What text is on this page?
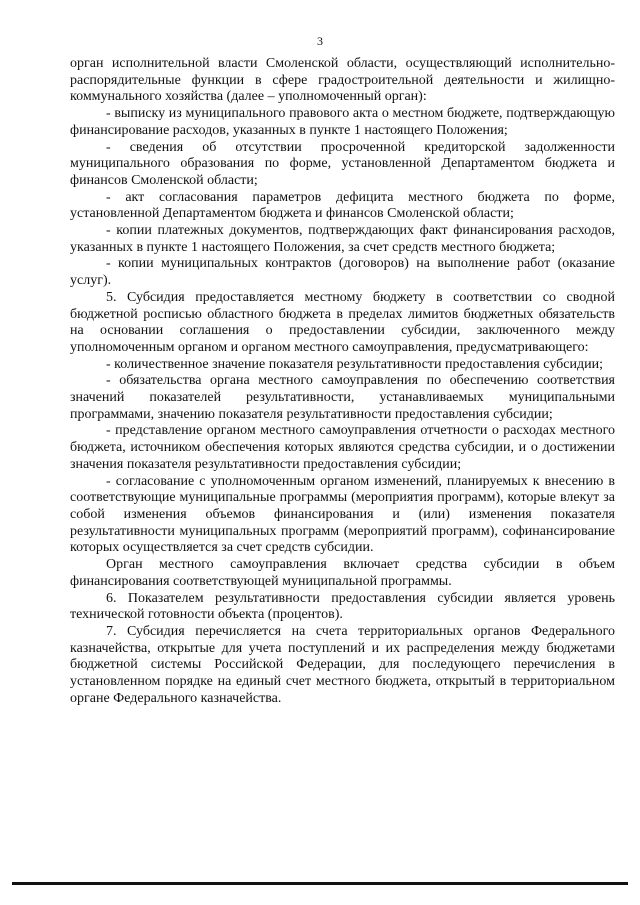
3

орган исполнительной власти Смоленской области, осуществляющий исполнительно-распорядительные функции в сфере градостроительной деятельности и жилищно-коммунального хозяйства (далее – уполномоченный орган):

- выписку из муниципального правового акта о местном бюджете, подтверждающую финансирование расходов, указанных в пункте 1 настоящего Положения;

- сведения об отсутствии просроченной кредиторской задолженности муниципального образования по форме, установленной Департаментом бюджета и финансов Смоленской области;

- акт согласования параметров дефицита местного бюджета по форме, установленной Департаментом бюджета и финансов Смоленской области;

- копии платежных документов, подтверждающих факт финансирования расходов, указанных в пункте 1 настоящего Положения, за счет средств местного бюджета;

- копии муниципальных контрактов (договоров) на выполнение работ (оказание услуг).

5. Субсидия предоставляется местному бюджету в соответствии со сводной бюджетной росписью областного бюджета в пределах лимитов бюджетных обязательств на основании соглашения о предоставлении субсидии, заключенного между уполномоченным органом и органом местного самоуправления, предусматривающего:

- количественное значение показателя результативности предоставления субсидии;

- обязательства органа местного самоуправления по обеспечению соответствия значений показателей результативности, устанавливаемых муниципальными программами, значению показателя результативности предоставления субсидии;

- представление органом местного самоуправления отчетности о расходах местного бюджета, источником обеспечения которых являются средства субсидии, и о достижении значения показателя результативности предоставления субсидии;

- согласование с уполномоченным органом изменений, планируемых к внесению в соответствующие муниципальные программы (мероприятия программ), которые влекут за собой изменения объемов финансирования и (или) изменения показателя результативности муниципальных программ (мероприятий программ), софинансирование которых осуществляется за счет средств субсидии.

Орган местного самоуправления включает средства субсидии в объем финансирования соответствующей муниципальной программы.

6. Показателем результативности предоставления субсидии является уровень технической готовности объекта (процентов).

7. Субсидия перечисляется на счета территориальных органов Федерального казначейства, открытые для учета поступлений и их распределения между бюджетами бюджетной системы Российской Федерации, для последующего перечисления в установленном порядке на единый счет местного бюджета, открытый в территориальном органе Федерального казначейства.
